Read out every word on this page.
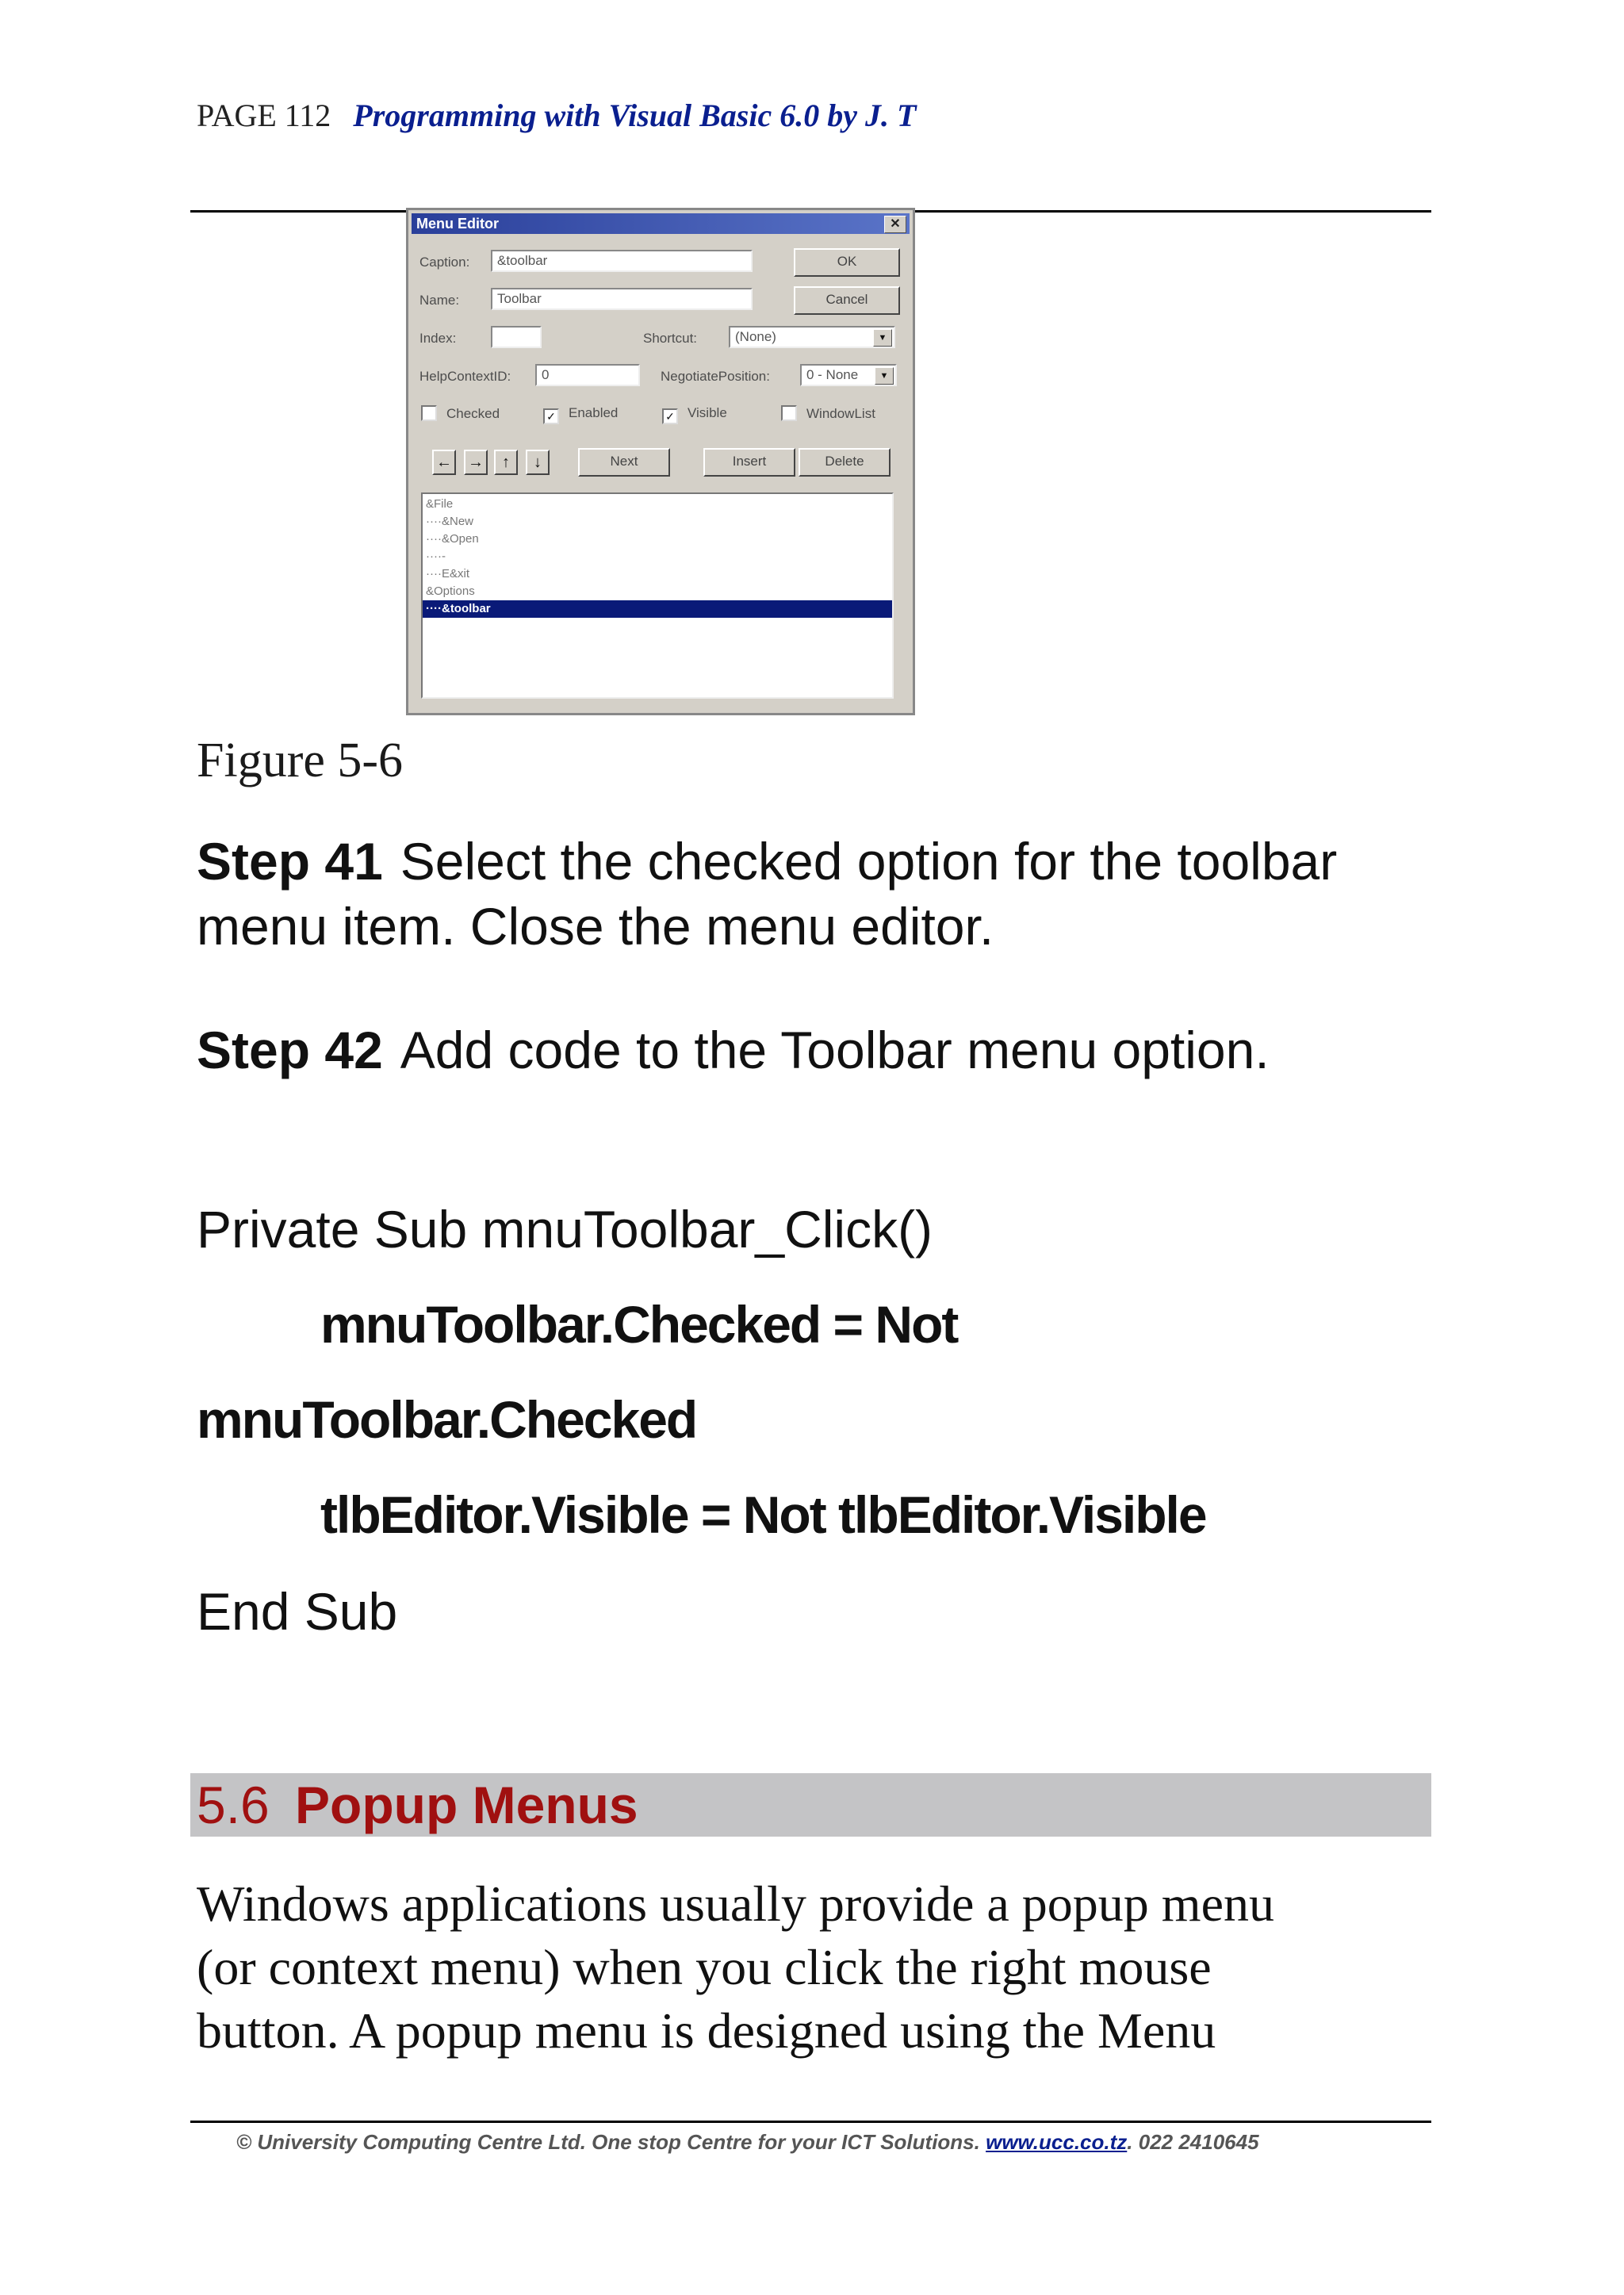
PAGE 112 Programming with Visual Basic 6.0 by J. T
Menu Editor	✕
Caption:	&toolbar
Name:	Toolbar
OK
Cancel
Index:	Shortcut:	(None)	▼
HelpContextID:	0	NegotiatePosition:	0 - None	▼
Checked	✓ Enabled	✓ Visible	WindowList
← →	↑	↓	Next	Insert	Delete
&File
····&New
····&Open
····-
····E&xit
&Options
····&toolbar
Figure 5-6
Step 41 Select the checked option for the toolbar
menu item. Close the menu editor.
Step 42 Add code to the Toolbar menu option.
Private Sub mnuToolbar_Click()
mnuToolbar.Checked = Not
mnuToolbar.Checked
tlbEditor.Visible = Not tlbEditor.Visible
End Sub
5.6 Popup Menus
Windows applications usually provide a popup menu
(or context menu) when you click the right mouse
button. A popup menu is designed using the Menu
© University Computing Centre Ltd. One stop Centre for your ICT Solutions. www.ucc.co.tz. 022 2410645
